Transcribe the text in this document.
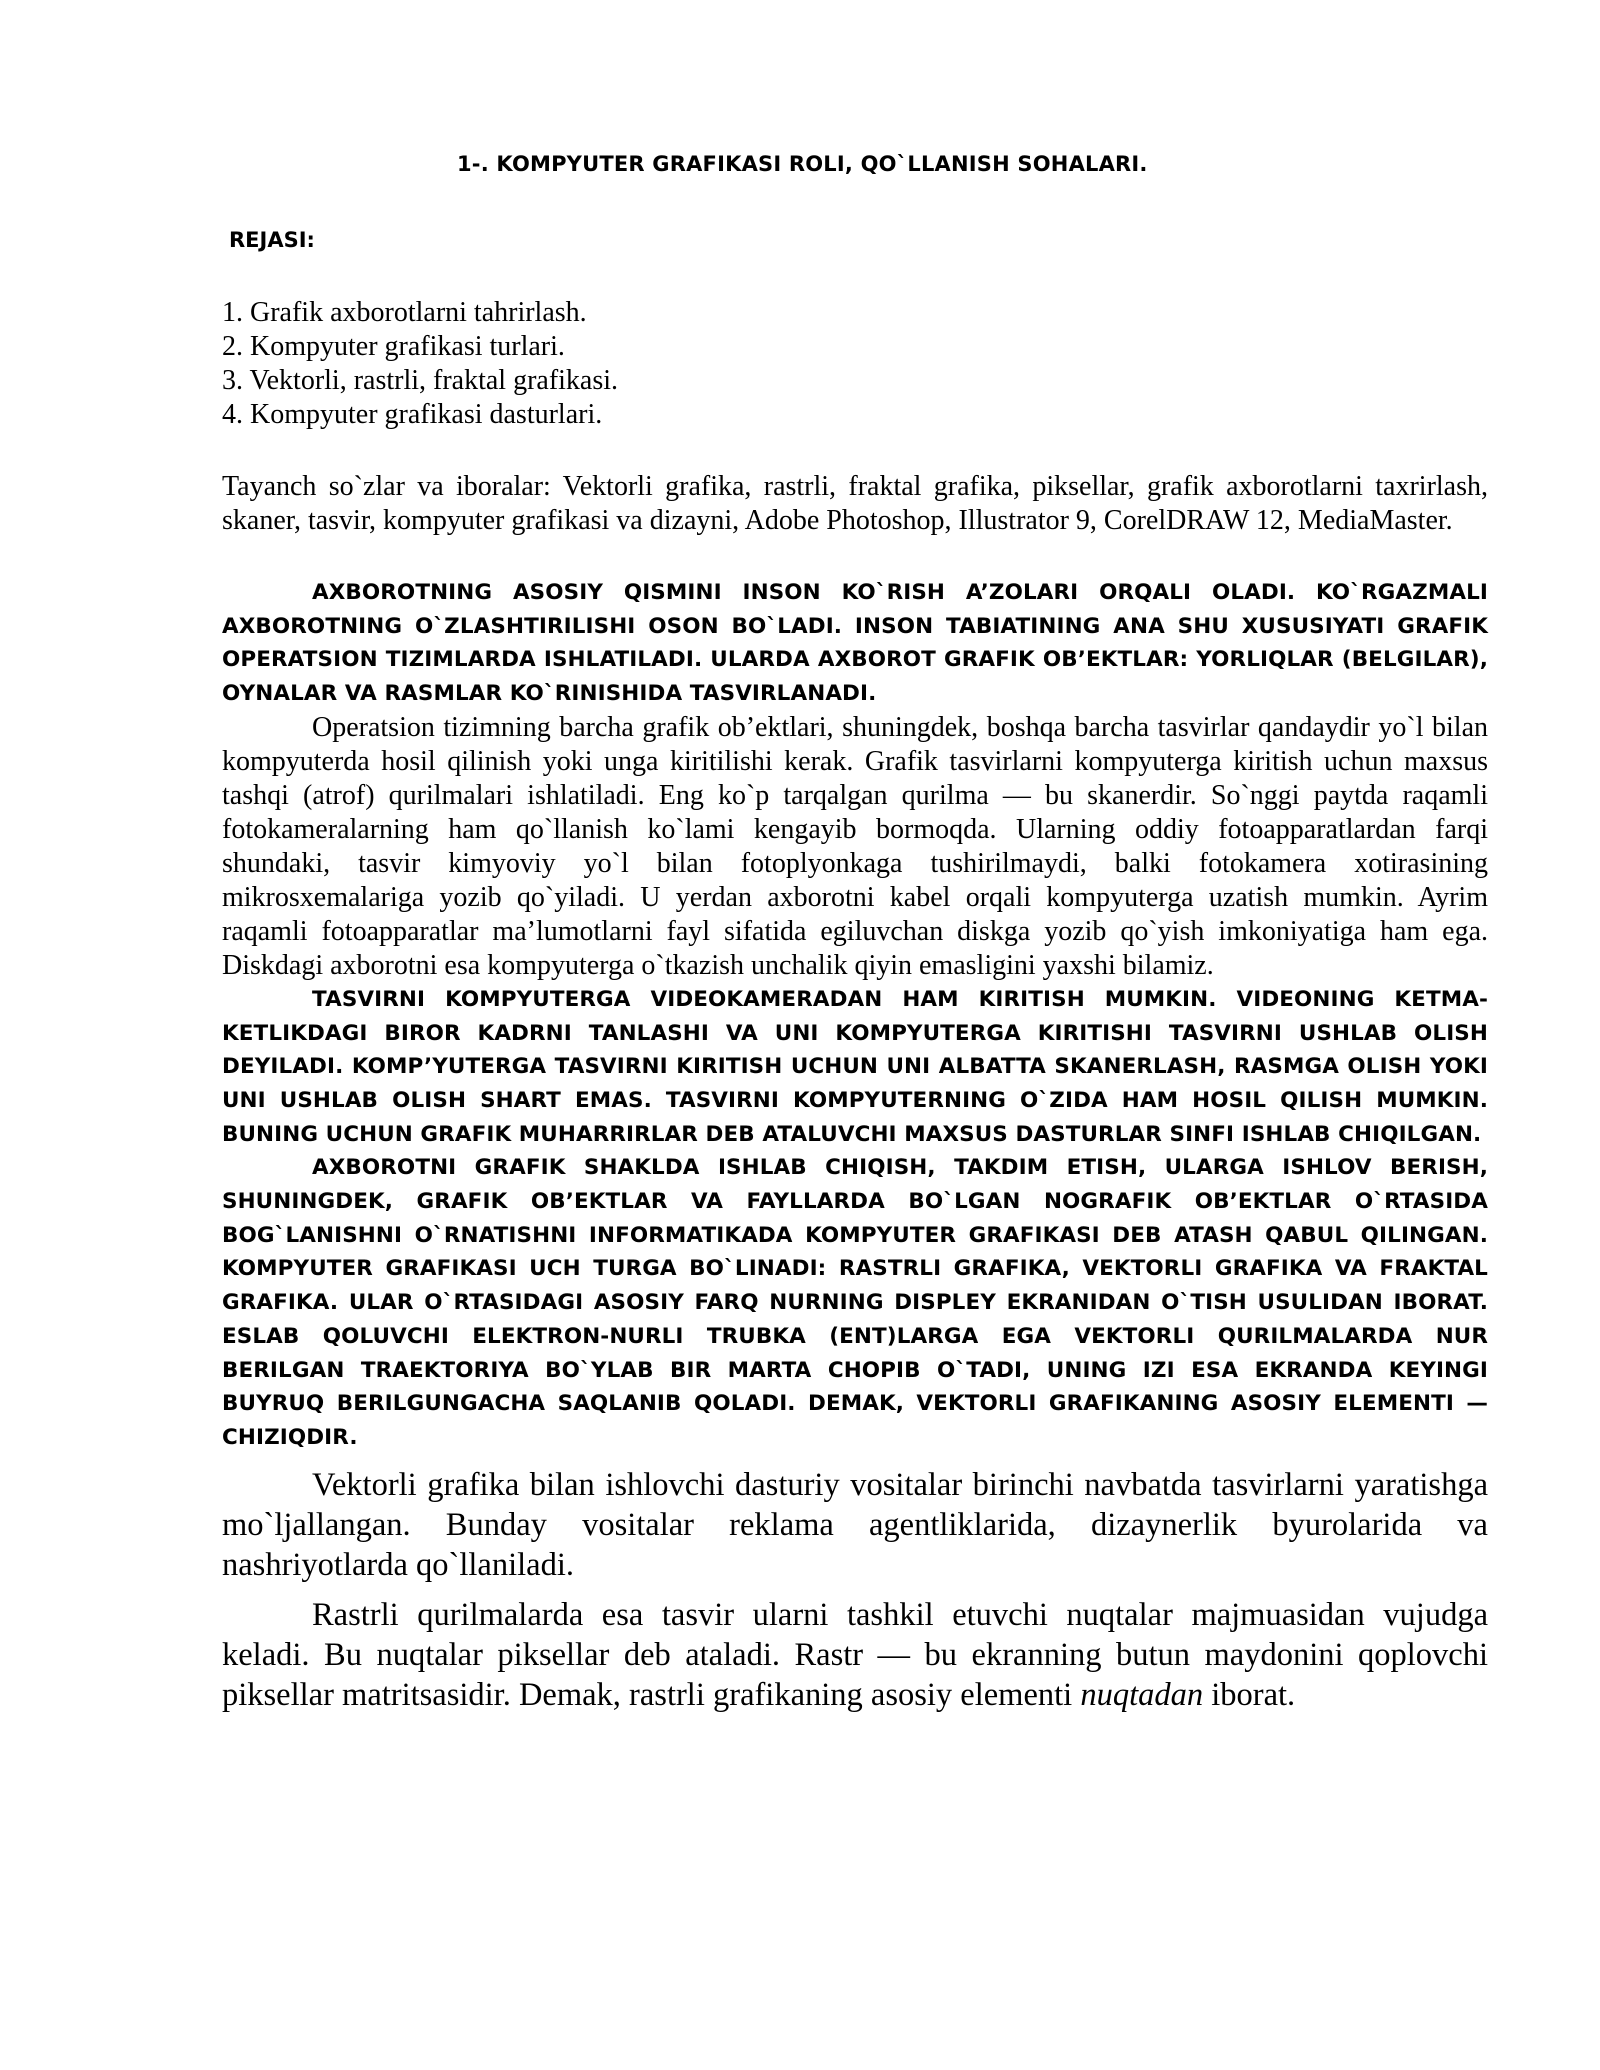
1-. KOMPYUTER GRAFIKASI ROLI, QO`LLANISH SOHALARI.

REJASI:

1. Grafik axborotlarni tahrirlash.
2. Kompyuter grafikasi turlari.
3. Vektorli, rastrli, fraktal grafikasi.
4. Kompyuter grafikasi dasturlari.

Tayanch so`zlar va iboralar: Vektorli grafika, rastrli, fraktal grafika, piksellar, grafik axborotlarni taxrirlash, skaner, tasvir, kompyuter grafikasi va dizayni, Adobe Photoshop, Illustrator 9, CorelDRAW 12, MediaMaster.

AXBOROTNING ASOSIY QISMINI INSON KO`RISH A’ZOLARI ORQALI OLADI. KO`RGAZMALI AXBOROTNING O`ZLASHTIRILISHI OSON BO`LADI. INSON TABIATINING ANA SHU XUSUSIYATI GRAFIK OPERATSION TIZIMLARDA ISHLATILADI. ULARDA AXBOROT GRAFIK OB’EKTLAR: YORLIQLAR (BELGILAR), OYNALAR VA RASMLAR KO`RINISHIDA TASVIRLANADI.

Operatsion tizimning barcha grafik ob’ektlari, shuningdek, boshqa barcha tasvirlar qandaydir yo`l bilan kompyuterda hosil qilinish yoki unga kiritilishi kerak. Grafik tasvirlarni kompyuterga kiritish uchun maxsus tashqi (atrof) qurilmalari ishlatiladi. Eng ko`p tarqalgan qurilma — bu skanerdir. So`nggi paytda raqamli fotokameralarning ham qo`llanish ko`lami kengayib bormoqda. Ularning oddiy fotoapparatlardan farqi shundaki, tasvir kimyoviy yo`l bilan fotoplyonkaga tushirilmaydi, balki fotokamera xotirasining mikrosxemalariga yozib qo`yiladi. U yerdan axborotni kabel orqali kompyuterga uzatish mumkin. Ayrim raqamli fotoapparatlar ma’lumotlarni fayl sifatida egiluvchan diskga yozib qo`yish imkoniyatiga ham ega. Diskdagi axborotni esa kompyuterga o`tkazish unchalik qiyin emasligini yaxshi bilamiz.

TASVIRNI KOMPYUTERGA VIDEOKAMERADAN HAM KIRITISH MUMKIN. VIDEONING KETMA-KETLIKDAGI BIROR KADRNI TANLASHI VA UNI KOMPYUTERGA KIRITISHI TASVIRNI USHLAB OLISH DEYILADI. KOMP’YUTERGA TASVIRNI KIRITISH UCHUN UNI ALBATTA SKANERLASH, RASMGA OLISH YOKI UNI USHLAB OLISH SHART EMAS. TASVIRNI KOMPYUTERNING O`ZIDA HAM HOSIL QILISH MUMKIN. BUNING UCHUN GRAFIK MUHARRIRLAR DEB ATALUVCHI MAXSUS DASTURLAR SINFI ISHLAB CHIQILGAN.

AXBOROTNI GRAFIK SHAKLDA ISHLAB CHIQISH, TAKDIM ETISH, ULARGA ISHLOV BERISH, SHUNINGDEK, GRAFIK OB’EKTLAR VA FAYLLARDA BO`LGAN NOGRAFIK OB’EKTLAR O`RTASIDA BOG`LANISHNI O`RNATISHNI INFORMATIKADA KOMPYUTER GRAFIKASI DEB ATASH QABUL QILINGAN. KOMPYUTER GRAFIKASI UCH TURGA BO`LINADI: RASTRLI GRAFIKA, VEKTORLI GRAFIKA VA FRAKTAL GRAFIKA. ULAR O`RTASIDAGI ASOSIY FARQ NURNING DISPLEY EKRANIDAN O`TISH USULIDAN IBORAT. ESLAB QOLUVCHI ELEKTRON-NURLI TRUBKA (ENT)LARGA EGA VEKTORLI QURILMALARDA NUR BERILGAN TRAEKTORIYA BO`YLAB BIR MARTA CHOPIB O`TADI, UNING IZI ESA EKRANDA KEYINGI BUYRUQ BERILGUNGACHA SAQLANIB QOLADI. DEMAK, VEKTORLI GRAFIKANING ASOSIY ELEMENTI — CHIZIQDIR.

Vektorli grafika bilan ishlovchi dasturiy vositalar birinchi navbatda tasvirlarni yaratishga mo`ljallangan. Bunday vositalar reklama agentliklarida, dizaynerlik byurolarida va nashriyotlarda qo`llaniladi.

Rastrli qurilmalarda esa tasvir ularni tashkil etuvchi nuqtalar majmuasidan vujudga keladi. Bu nuqtalar piksellar deb ataladi. Rastr — bu ekranning butun maydonini qoplovchi piksellar matritsasidir. Demak, rastrli grafikaning asosiy elementi nuqtadan iborat.
